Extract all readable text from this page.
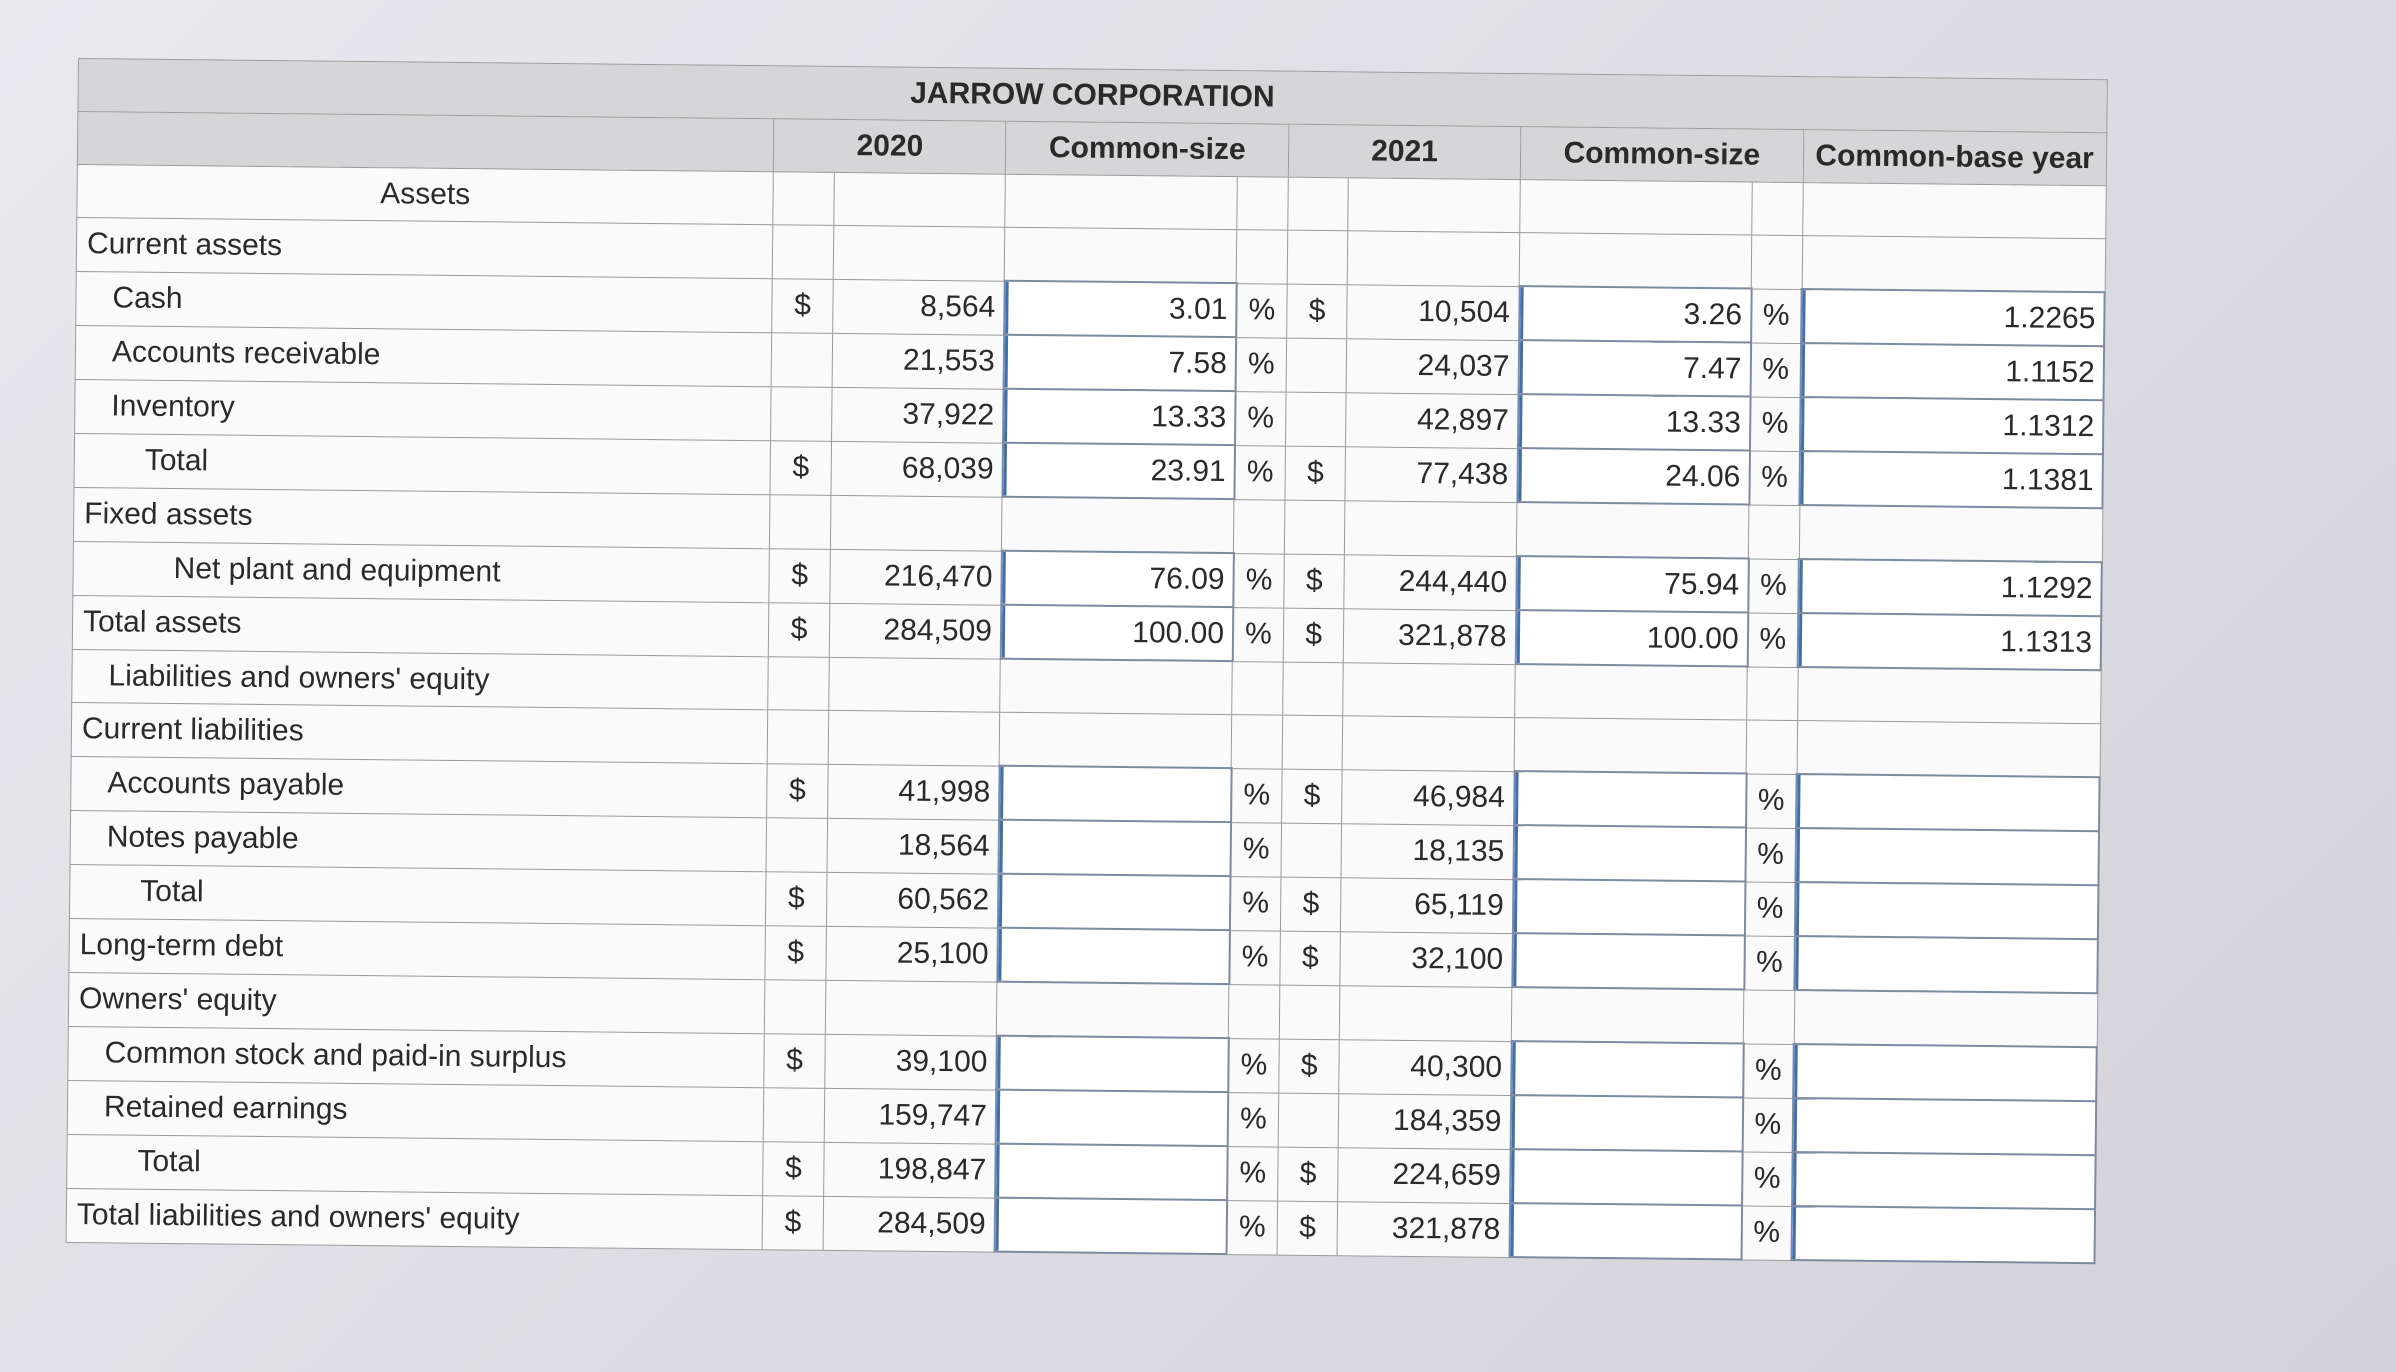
JARROW CORPORATION									
	2020		Common-size		2021		Common-size		Common-base year
Assets									
Current assets									
Cash	$	8,564	3.01	%	$	10,504	3.26	%	1.2265
Accounts receivable		21,553	7.58	%		24,037	7.47	%	1.1152
Inventory		37,922	13.33	%		42,897	13.33	%	1.1312
Total	$	68,039	23.91	%	$	77,438	24.06	%	1.1381
Fixed assets									
Net plant and equipment	$	216,470	76.09	%	$	244,440	75.94	%	1.1292
Total assets	$	284,509	100.00	%	$	321,878	100.00	%	1.1313
Liabilities and owners' equity									
Current liabilities									
Accounts payable	$	41,998		%	$	46,984		%	
Notes payable		18,564		%		18,135		%	
Total	$	60,562		%	$	65,119		%	
Long-term debt	$	25,100		%	$	32,100		%	
Owners' equity									
Common stock and paid-in surplus	$	39,100		%	$	40,300		%	
Retained earnings		159,747		%		184,359		%	
Total	$	198,847		%	$	224,659		%	
Total liabilities and owners' equity	$	284,509		%	$	321,878		%	
